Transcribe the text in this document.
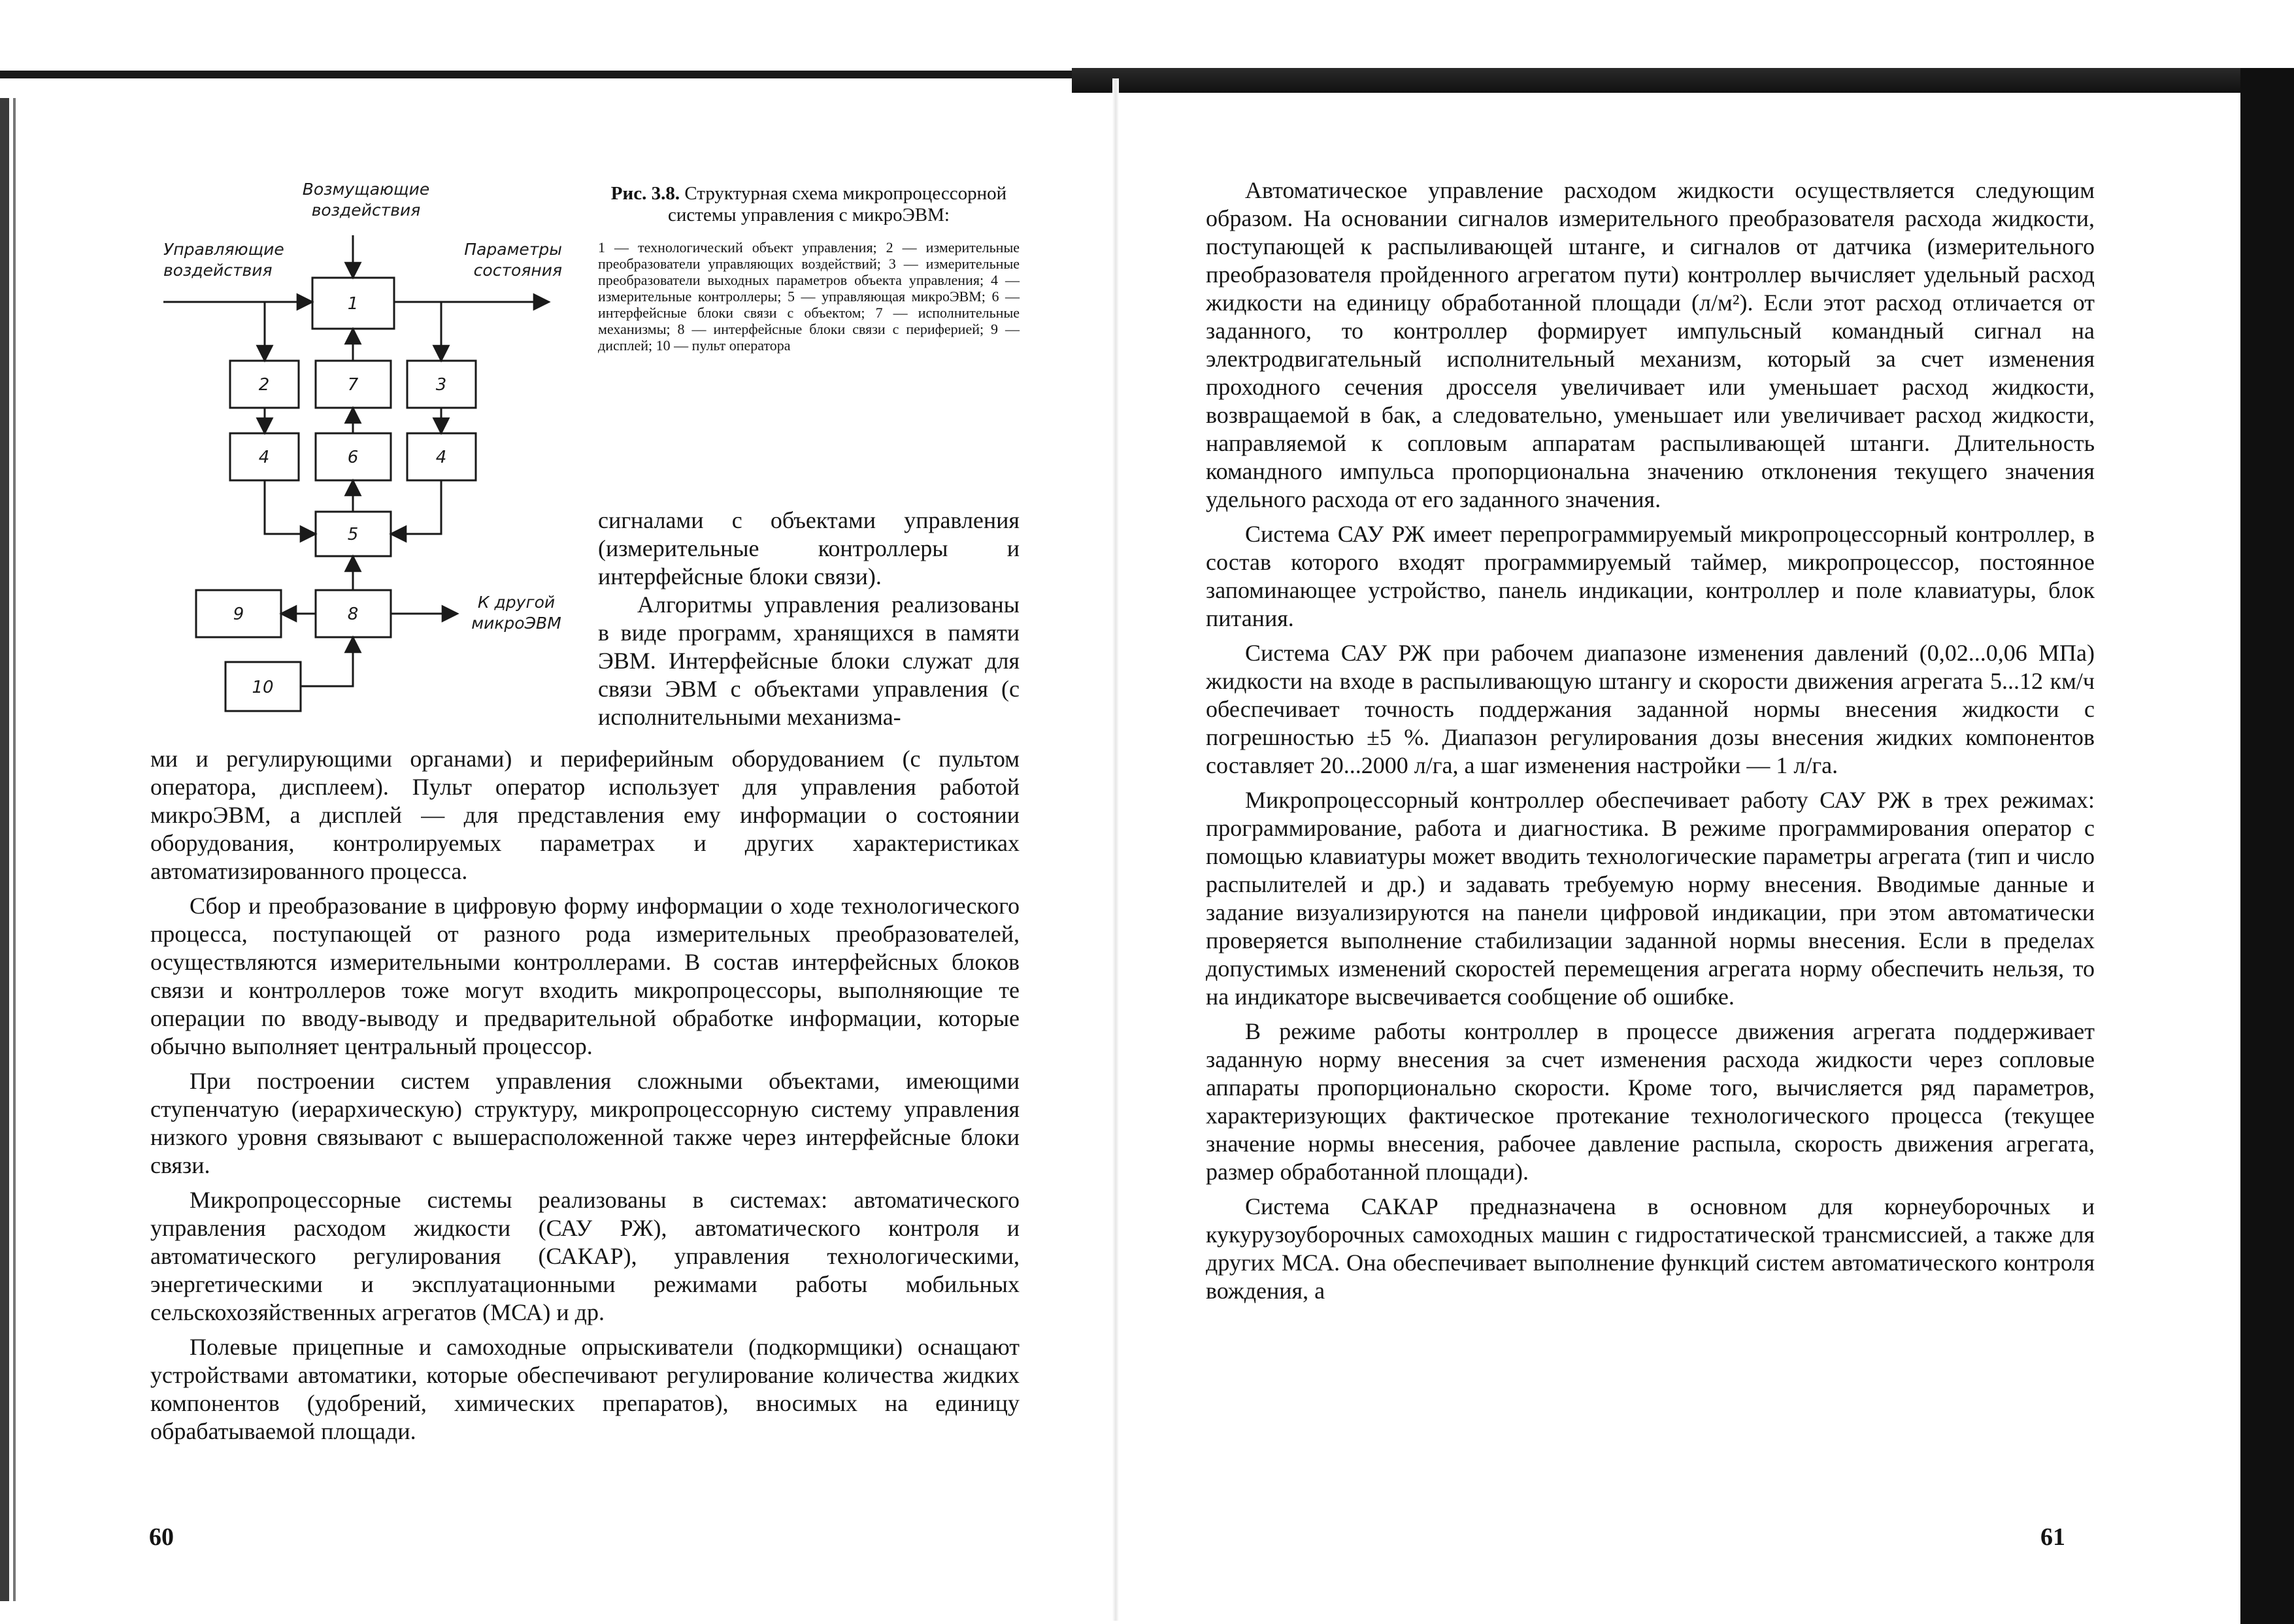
Возмущающие
воздействия
Управляющие
воздействия
Параметры
состояния
К другой
микроЭВМ
1
2	7	3
4	6	4
5
9	8
10

Рис. 3.8. Структурная схема микропроцессорной системы управления с микроЭВМ:

1 — технологический объект управления; 2 — измерительные преобразователи управляющих воздействий; 3 — измерительные преобразователи выходных параметров объекта управления; 4 — измерительные контроллеры; 5 — управляющая микроЭВМ; 6 — интерфейсные блоки связи с объектом; 7 — исполнительные механизмы; 8 — интерфейсные блоки связи с периферией; 9 — дисплей; 10 — пульт оператора

сигналами с объектами управления (измерительные контроллеры и интерфейсные блоки связи).

Алгоритмы управления реализованы в виде программ, хранящихся в памяти ЭВМ. Интерфейсные блоки служат для связи ЭВМ с объектами управления (с исполнительными механизма-

ми и регулирующими органами) и периферийным оборудованием (с пультом оператора, дисплеем). Пульт оператор использует для управления работой микроЭВМ, а дисплей — для представления ему информации о состоянии оборудования, контролируемых параметрах и других характеристиках автоматизированного процесса.

Сбор и преобразование в цифровую форму информации о ходе технологического процесса, поступающей от разного рода измерительных преобразователей, осуществляются измерительными контроллерами. В состав интерфейсных блоков связи и контроллеров тоже могут входить микропроцессоры, выполняющие те операции по вводу-выводу и предварительной обработке информации, которые обычно выполняет центральный процессор.

При построении систем управления сложными объектами, имеющими ступенчатую (иерархическую) структуру, микропроцессорную систему управления низкого уровня связывают с вышерасположенной также через интерфейсные блоки связи.

Микропроцессорные системы реализованы в системах: автоматического управления расходом жидкости (САУ РЖ), автоматического контроля и автоматического регулирования (САКАР), управления технологическими, энергетическими и эксплуатационными режимами работы мобильных сельскохозяйственных агрегатов (МСА) и др.

Полевые прицепные и самоходные опрыскиватели (подкормщики) оснащают устройствами автоматики, которые обеспечивают регулирование количества жидких компонентов (удобрений, химических препаратов), вносимых на единицу обрабатываемой площади.

60

Автоматическое управление расходом жидкости осуществляется следующим образом. На основании сигналов измерительного преобразователя расхода жидкости, поступающей к распыливающей штанге, и сигналов от датчика (измерительного преобразователя пройденного агрегатом пути) контроллер вычисляет удельный расход жидкости на единицу обработанной площади (л/м²). Если этот расход отличается от заданного, то контроллер формирует импульсный командный сигнал на электродвигательный исполнительный механизм, который за счет изменения проходного сечения дросселя увеличивает или уменьшает расход жидкости, возвращаемой в бак, а следовательно, уменьшает или увеличивает расход жидкости, направляемой к сопловым аппаратам распыливающей штанги. Длительность командного импульса пропорциональна значению отклонения текущего значения удельного расхода от его заданного значения.

Система САУ РЖ имеет перепрограммируемый микропроцессорный контроллер, в состав которого входят программируемый таймер, микропроцессор, постоянное запоминающее устройство, панель индикации, контроллер и поле клавиатуры, блок питания.

Система САУ РЖ при рабочем диапазоне изменения давлений (0,02...0,06 МПа) жидкости на входе в распыливающую штангу и скорости движения агрегата 5...12 км/ч обеспечивает точность поддержания заданной нормы внесения жидкости с погрешностью ±5 %. Диапазон регулирования дозы внесения жидких компонентов составляет 20...2000 л/га, а шаг изменения настройки — 1 л/га.

Микропроцессорный контроллер обеспечивает работу САУ РЖ в трех режимах: программирование, работа и диагностика. В режиме программирования оператор с помощью клавиатуры может вводить технологические параметры агрегата (тип и число распылителей и др.) и задавать требуемую норму внесения. Вводимые данные и задание визуализируются на панели цифровой индикации, при этом автоматически проверяется выполнение стабилизации заданной нормы внесения. Если в пределах допустимых изменений скоростей перемещения агрегата норму обеспечить нельзя, то на индикаторе высвечивается сообщение об ошибке.

В режиме работы контроллер в процессе движения агрегата поддерживает заданную норму внесения за счет изменения расхода жидкости через сопловые аппараты пропорционально скорости. Кроме того, вычисляется ряд параметров, характеризующих фактическое протекание технологического процесса (текущее значение нормы внесения, рабочее давление распыла, скорость движения агрегата, размер обработанной площади).

Система САКАР предназначена в основном для корнеуборочных и кукурузоуборочных самоходных машин с гидростатической трансмиссией, а также для других МСА. Она обеспечивает выполнение функций систем автоматического контроля вождения, а

61
